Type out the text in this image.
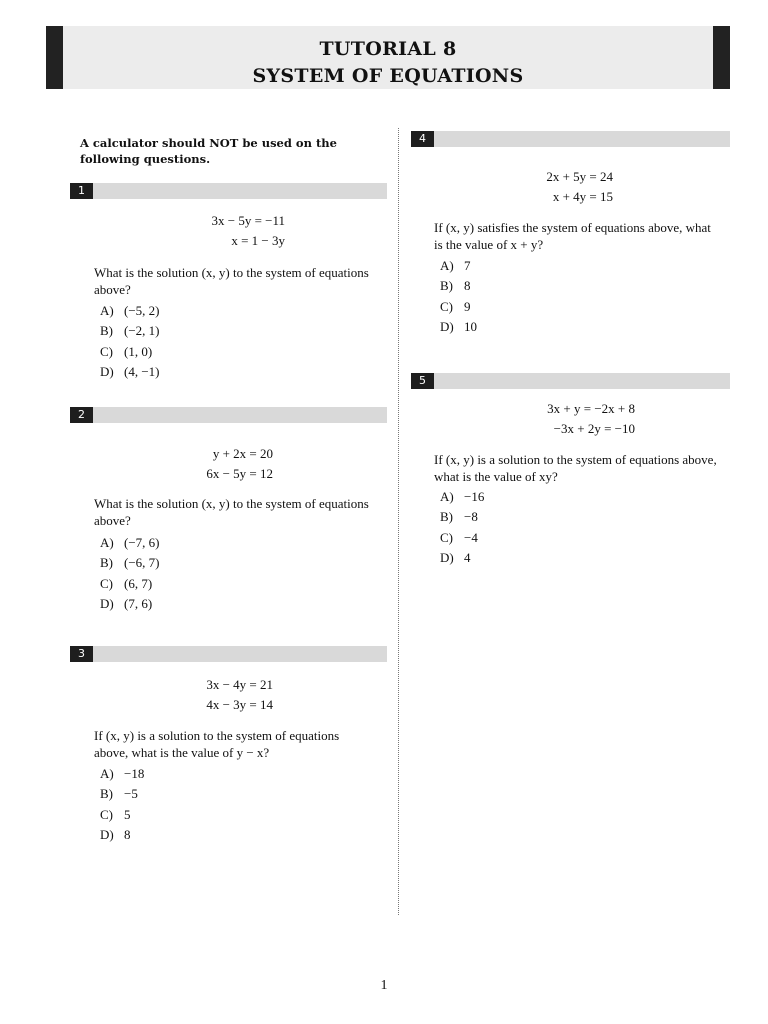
TUTORIAL 8
SYSTEM OF EQUATIONS
A calculator should NOT be used on the following questions.
1
3x − 5y = −11
x = 1 − 3y
What is the solution (x, y) to the system of equations above?
A) (−5, 2)
B) (−2, 1)
C) (1, 0)
D) (4, −1)
2
y + 2x = 20
6x − 5y = 12
What is the solution (x, y) to the system of equations above?
A) (−7, 6)
B) (−6, 7)
C) (6, 7)
D) (7, 6)
3
3x − 4y = 21
4x − 3y = 14
If (x, y) is a solution to the system of equations above, what is the value of y − x?
A) −18
B) −5
C) 5
D) 8
4
2x + 5y = 24
x + 4y = 15
If (x, y) satisfies the system of equations above, what is the value of x + y?
A) 7
B) 8
C) 9
D) 10
5
3x + y = −2x + 8
−3x + 2y = −10
If (x, y) is a solution to the system of equations above, what is the value of xy?
A) −16
B) −8
C) −4
D) 4
1
